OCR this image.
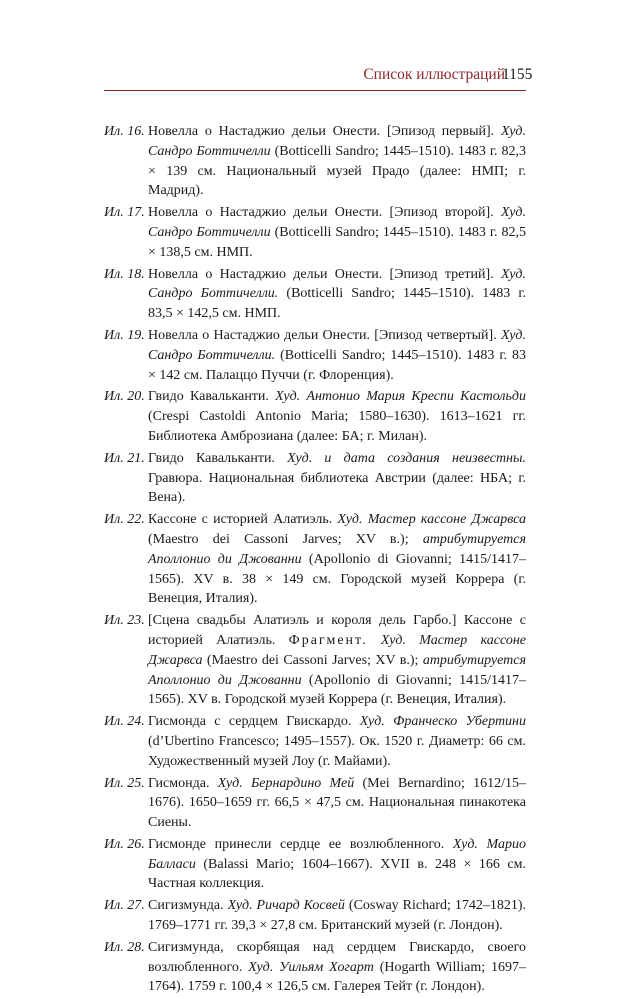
Список иллюстраций
1155
Ил. 16. Новелла о Настаджио дельи Онести. [Эпизод первый]. Худ. Сандро Боттичелли (Botticelli Sandro; 1445–1510). 1483 г. 82,3 × 139 см. Национальный музей Прадо (далее: НМП; г. Мадрид).
Ил. 17. Новелла о Настаджио дельи Онести. [Эпизод второй]. Худ. Сандро Боттичелли (Botticelli Sandro; 1445–1510). 1483 г. 82,5 × 138,5 см. НМП.
Ил. 18. Новелла о Настаджио дельи Онести. [Эпизод третий]. Худ. Сандро Боттичелли. (Botticelli Sandro; 1445–1510). 1483 г. 83,5 × 142,5 см. НМП.
Ил. 19. Новелла о Настаджио дельи Онести. [Эпизод четвертый]. Худ. Сандро Боттичелли. (Botticelli Sandro; 1445–1510). 1483 г. 83 × 142 см. Палаццо Пуччи (г. Флоренция).
Ил. 20. Гвидо Кавальканти. Худ. Антонио Мария Креспи Кастольди (Crespi Castoldi Antonio Maria; 1580–1630). 1613–1621 гг. Библиотека Амброзиана (далее: БА; г. Милан).
Ил. 21. Гвидо Кавальканти. Худ. и дата создания неизвестны. Гравюра. Национальная библиотека Австрии (далее: НБА; г. Вена).
Ил. 22. Кассоне с историей Алатиэль. Худ. Мастер кассоне Джарвса (Maestro dei Cassoni Jarves; XV в.); атрибутируется Аполлонио ди Джованни (Apollonio di Giovanni; 1415/1417–1565). XV в. 38 × 149 см. Городской музей Коррера (г. Венеция, Италия).
Ил. 23. [Сцена свадьбы Алатиэль и короля дель Гарбо.] Кассоне с историей Алатиэль. Фрагмент. Худ. Мастер кассоне Джарвса (Maestro dei Cassoni Jarves; XV в.); атрибутируется Аполлонио ди Джованни (Apollonio di Giovanni; 1415/1417–1565). XV в. Городской музей Коррера (г. Венеция, Италия).
Ил. 24. Гисмонда с сердцем Гвискардо. Худ. Франческо Убертини (d’Ubertino Francesco; 1495–1557). Ок. 1520 г. Диаметр: 66 см. Художественный музей Лоу (г. Майами).
Ил. 25. Гисмонда. Худ. Бернардино Мей (Mei Bernardino; 1612/15–1676). 1650–1659 гг. 66,5 × 47,5 см. Национальная пинакотека Сиены.
Ил. 26. Гисмонде принесли сердце ее возлюбленного. Худ. Марио Балласи (Balassi Mario; 1604–1667). XVII в. 248 × 166 см. Частная коллекция.
Ил. 27. Сигизмунда. Худ. Ричард Косвей (Cosway Richard; 1742–1821). 1769–1771 гг. 39,3 × 27,8 см. Британский музей (г. Лондон).
Ил. 28. Сигизмунда, скорбящая над сердцем Гвискардо, своего возлюбленного. Худ. Уильям Хогарт (Hogarth William; 1697–1764). 1759 г. 100,4 × 126,5 см. Галерея Тейт (г. Лондон).
